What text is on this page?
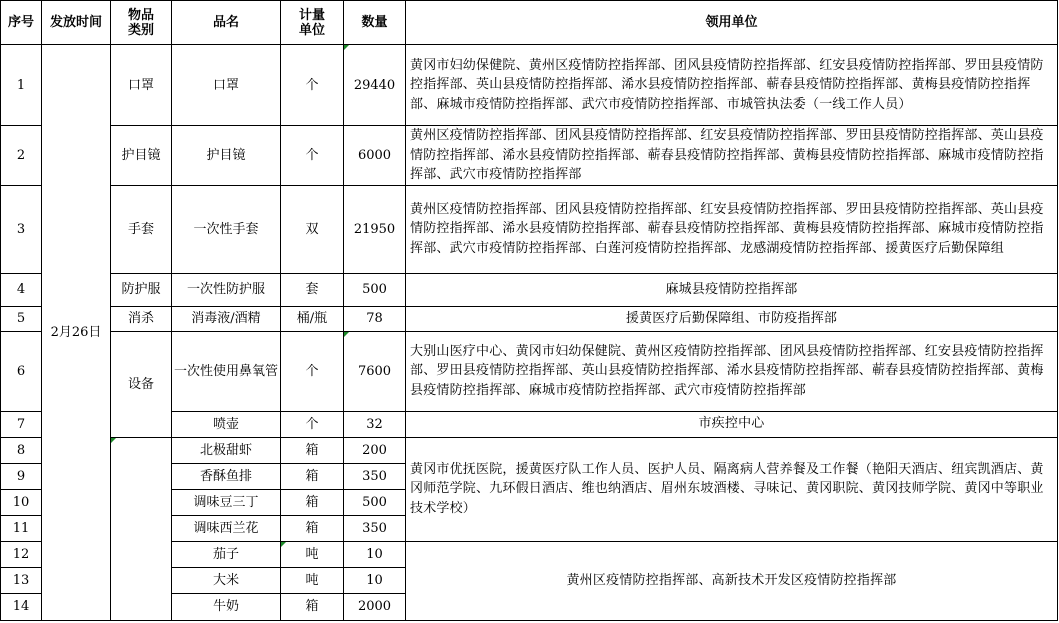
序号	发放时间	物品类别	品名	计量单位	数量	领用单位
1	2月26日	口罩	口罩	个	29440	黄冈市妇幼保健院、黄州区疫情防控指挥部、团风县疫情防控指挥部、红安县疫情防控指挥部、罗田县疫情防控指挥部、英山县疫情防控指挥部、浠水县疫情防控指挥部、蕲春县疫情防控指挥部、黄梅县疫情防控指挥部、麻城市疫情防控指挥部、武穴市疫情防控指挥部、市城管执法委（一线工作人员）
2		护目镜	护目镜	个	6000	黄州区疫情防控指挥部、团风县疫情防控指挥部、红安县疫情防控指挥部、罗田县疫情防控指挥部、英山县疫情防控指挥部、浠水县疫情防控指挥部、蕲春县疫情防控指挥部、黄梅县疫情防控指挥部、麻城市疫情防控指挥部、武穴市疫情防控指挥部
3		手套	一次性手套	双	21950	黄州区疫情防控指挥部、团风县疫情防控指挥部、红安县疫情防控指挥部、罗田县疫情防控指挥部、英山县疫情防控指挥部、浠水县疫情防控指挥部、蕲春县疫情防控指挥部、黄梅县疫情防控指挥部、麻城市疫情防控指挥部、武穴市疫情防控指挥部、白莲河疫情防控指挥部、龙感湖疫情防控指挥部、援黄医疗后勤保障组
4		防护服	一次性防护服	套	500	麻城县疫情防控指挥部
5		消杀	消毒液/酒精	桶/瓶	78	援黄医疗后勤保障组、市防疫指挥部
6		设备	一次性使用鼻氧管	个	7600	大别山医疗中心、黄冈市妇幼保健院、黄州区疫情防控指挥部、团风县疫情防控指挥部、红安县疫情防控指挥部、罗田县疫情防控指挥部、英山县疫情防控指挥部、浠水县疫情防控指挥部、蕲春县疫情防控指挥部、黄梅县疫情防控指挥部、麻城市疫情防控指挥部、武穴市疫情防控指挥部
7			喷壶	个	32	市疾控中心
8			北极甜虾	箱	200	黄冈市优抚医院，援黄医疗队工作人员、医护人员、隔离病人营养餐及工作餐（艳阳天酒店、纽宾凯酒店、黄冈师范学院、九环假日酒店、维也纳酒店、眉州东坡酒楼、寻味记、黄冈职院、黄冈技师学院、黄冈中等职业技术学校）
9			香酥鱼排	箱	350	
10			调味豆三丁	箱	500	
11			调味西兰花	箱	350	
12			茄子	吨	10	黄州区疫情防控指挥部、高新技术开发区疫情防控指挥部
13			大米	吨	10	
14			牛奶	箱	2000	
